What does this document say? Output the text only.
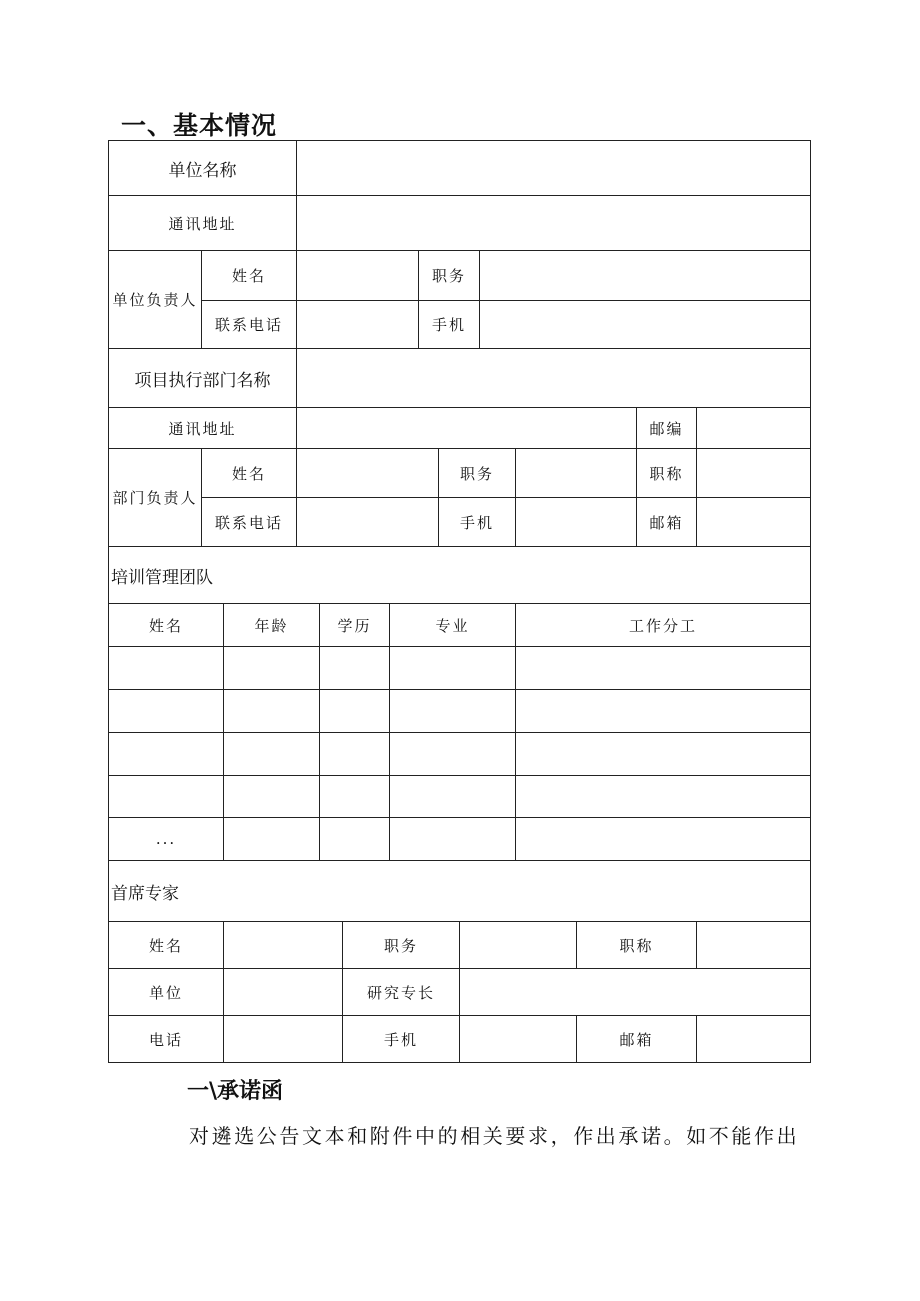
一、基本情况
单位名称
通讯地址
单位负责人
姓名	职务
联系电话	手机
项目执行部门名称
通讯地址	邮编
部门负责人
姓名	职务	职称
联系电话	手机	邮箱
培训管理团队
姓名	年龄	学历	专业	工作分工
...
首席专家
姓名	职务	职称
单位	研究专长
电话	手机	邮箱
一\承诺函
对遴选公告文本和附件中的相关要求，作出承诺。如不能作出
